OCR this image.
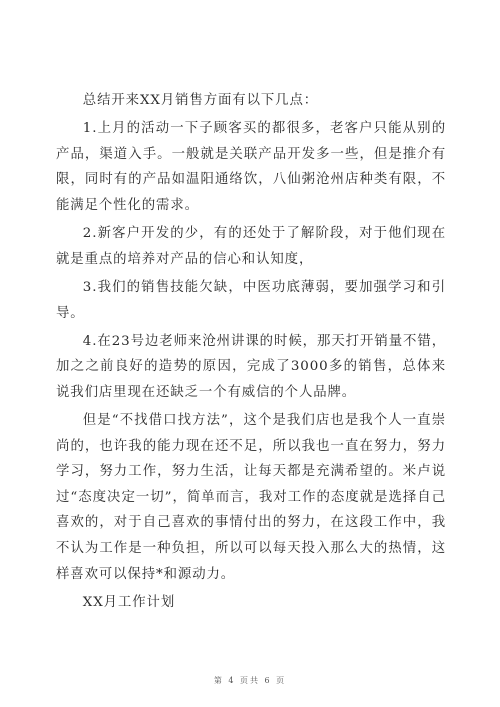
总结开来XX月销售方面有以下几点：

1.上月的活动一下子顾客买的都很多，老客户只能从别的产品，渠道入手。一般就是关联产品开发多一些，但是推介有限，同时有的产品如温阳通络饮，八仙粥沧州店种类有限，不能满足个性化的需求。

2.新客户开发的少，有的还处于了解阶段，对于他们现在就是重点的培养对产品的信心和认知度，

3.我们的销售技能欠缺，中医功底薄弱，要加强学习和引导。

4.在23号边老师来沧州讲课的时候，那天打开销量不错，加之之前良好的造势的原因，完成了3000多的销售，总体来说我们店里现在还缺乏一个有威信的个人品牌。

但是“不找借口找方法”，这个是我们店也是我个人一直崇尚的，也许我的能力现在还不足，所以我也一直在努力，努力学习，努力工作，努力生活，让每天都是充满希望的。米卢说过“态度决定一切”，简单而言，我对工作的态度就是选择自己喜欢的，对于自己喜欢的事情付出的努力，在这段工作中，我不认为工作是一种负担，所以可以每天投入那么大的热情，这样喜欢可以保持*和源动力。

XX月工作计划

第 4 页共 6 页
